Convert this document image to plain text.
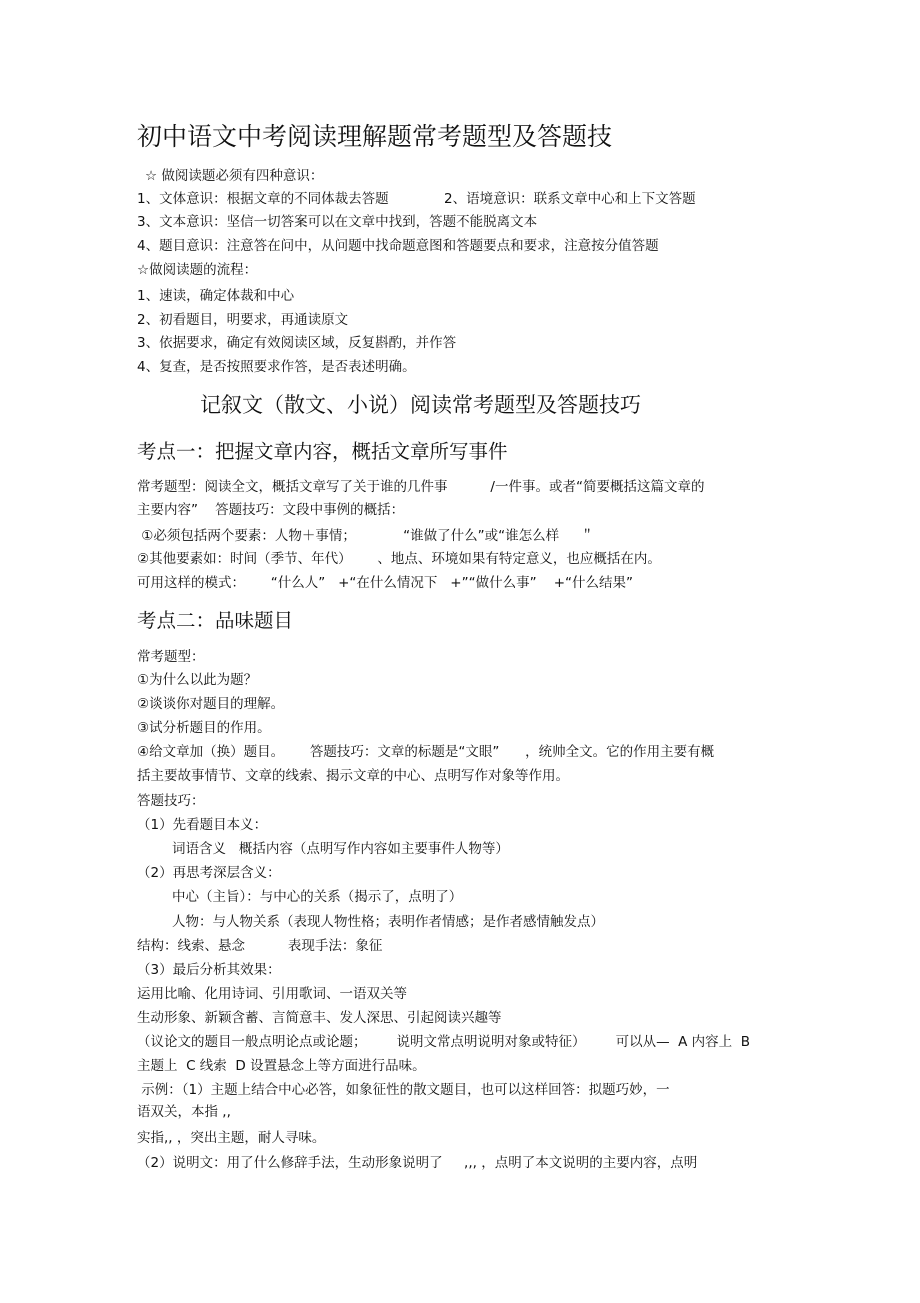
初中语文中考阅读理解题常考题型及答题技
☆ 做阅读题必须有四种意识：
1、文体意识：根据文章的不同体裁去答题	2、语境意识：联系文章中心和上下文答题
3、文本意识：坚信一切答案可以在文章中找到，答题不能脱离文本
4、题目意识：注意答在问中，从问题中找命题意图和答题要点和要求，注意按分值答题
☆做阅读题的流程：
1、速读，确定体裁和中心
2、初看题目，明要求，再通读原文
3、依据要求，确定有效阅读区域，反复斟酌，并作答
4、复查，是否按照要求作答，是否表述明确。
记叙文（散文、小说）阅读常考题型及答题技巧
考点一：把握文章内容，概括文章所写事件
常考题型：阅读全文，概括文章写了关于谁的几件事          /一件事。或者“简要概括这篇文章的
主要内容”    答题技巧：文段中事例的概括：
①必须包括两个要素：人物＋事情；           “谁做了什么”或“谁怎么样     ＂
②其他要素如：时间（季节、年代）      、地点、环境如果有特定意义，也应概括在内。
可用这样的模式：      “什么人”   +“在什么情况下   +”“做什么事”    +“什么结果”
考点二：品味题目
常考题型：
①为什么以此为题？
②谈谈你对题目的理解。
③试分析题目的作用。
④给文章加（换）题目。      答题技巧：文章的标题是“文眼”      ，统帅全文。它的作用主要有概
括主要故事情节、文章的线索、揭示文章的中心、点明写作对象等作用。
答题技巧：
（1）先看题目本义：
词语含义   概括内容（点明写作内容如主要事件人物等）
（2）再思考深层含义：
中心（主旨）：与中心的关系（揭示了，点明了）
人物：与人物关系（表现人物性格；表明作者情感；是作者感情触发点）
结构：线索、悬念          表现手法：象征
（3）最后分析其效果：
运用比喻、化用诗词、引用歌词、一语双关等
生动形象、新颖含蓄、言简意丰、发人深思、引起阅读兴趣等
（议论文的题目一般点明论点或论题；       说明文常点明说明对象或特征）       可以从—  A 内容上  B
主题上  C 线索  D 设置悬念上等方面进行品味。
示例：（1）主题上结合中心必答，如象征性的散文题目，也可以这样回答：拟题巧妙，一
语双关，本指 ,,
实指,, ，突出主题，耐人寻味。
（2）说明文：用了什么修辞手法，生动形象说明了     ,,, ，点明了本文说明的主要内容，点明
